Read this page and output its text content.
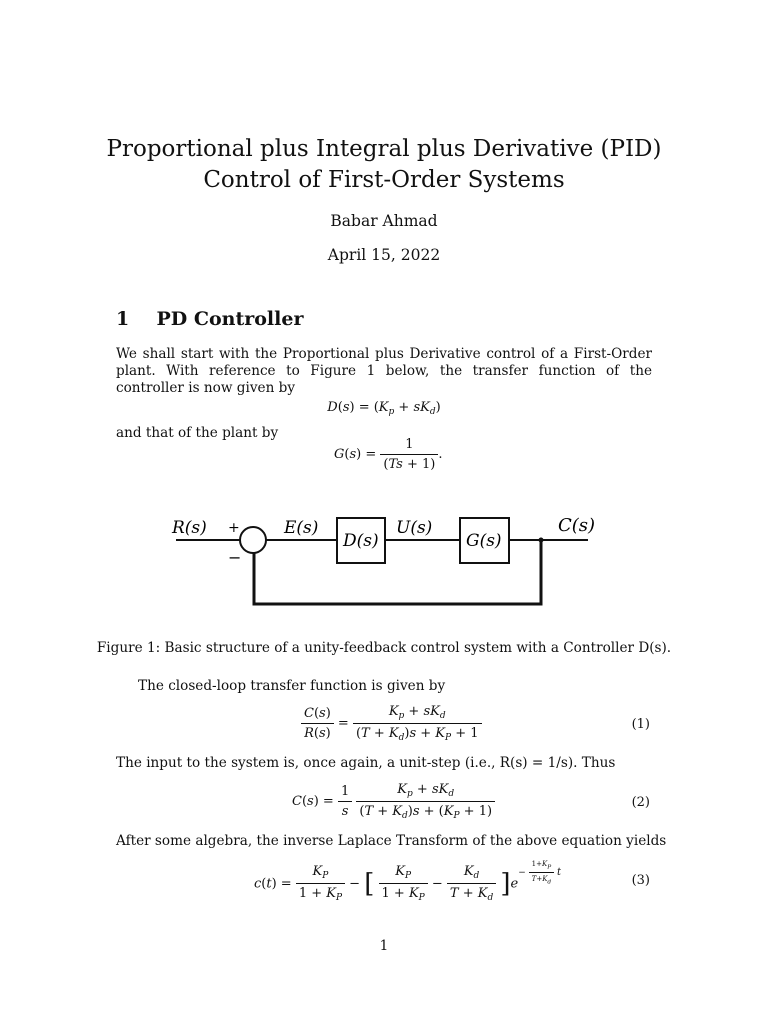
Proportional plus Integral plus Derivative (PID)
Control of First-Order Systems
Babar Ahmad
April 15, 2022
1 PD Controller
We shall start with the Proportional plus Derivative control of a First-Order plant. With reference to Figure 1 below, the transfer function of the controller is now given by
$D(s) = (K_p + sK_d)$
and that of the plant by
$G(s) = \frac{1}{(Ts + 1)}$ .
R(s) +
−
E(s)
D(s)
U(s)
G(s)
C(s)
Figure 1: Basic structure of a unity-feedback control system with a Controller D(s).
The closed-loop transfer function is given by
$\frac{C(s)}{R(s)} = \frac{K_p + sK_d}{(T + K_d)s + K_P + 1}$	(1)
The input to the system is, once again, a unit-step (i.e., R(s) = 1/s). Thus
$C(s) = \frac{1}{s}$
$\frac{K_p + sK_d}{(T + K_d)s + (K_P + 1)}$	(2)
After some algebra, the inverse Laplace Transform of the above equation yields
$c(t) = \frac{K_P}{1 + K_P}$ − [ $\frac{K_P}{1 + K_P} - \frac{K_d}{T + K_d} ]e^{- \frac{1+K_P}{T+K_d} t}$
(3)
1
